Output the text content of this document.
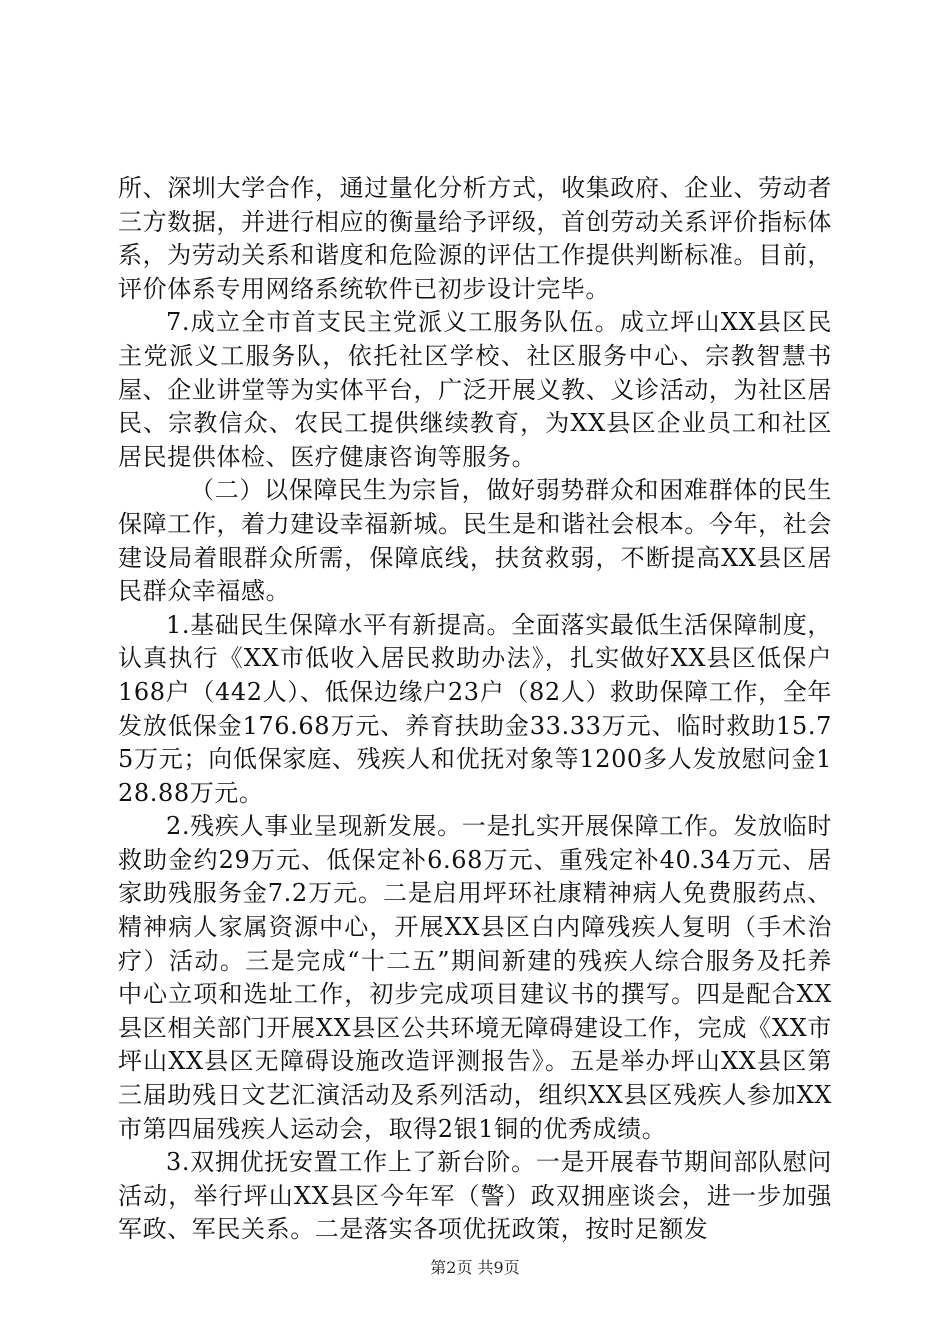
所、深圳大学合作，通过量化分析方式，收集政府、企业、劳动者三方数据，并进行相应的衡量给予评级，首创劳动关系评价指标体系，为劳动关系和谐度和危险源的评估工作提供判断标准。目前，评价体系专用网络系统软件已初步设计完毕。

7.成立全市首支民主党派义工服务队伍。成立坪山XX县区民主党派义工服务队，依托社区学校、社区服务中心、宗教智慧书屋、企业讲堂等为实体平台，广泛开展义教、义诊活动，为社区居民、宗教信众、农民工提供继续教育，为XX县区企业员工和社区居民提供体检、医疗健康咨询等服务。

（二）以保障民生为宗旨，做好弱势群众和困难群体的民生保障工作，着力建设幸福新城。民生是和谐社会根本。今年，社会建设局着眼群众所需，保障底线，扶贫救弱，不断提高XX县区居民群众幸福感。

1.基础民生保障水平有新提高。全面落实最低生活保障制度，认真执行《XX市低收入居民救助办法》，扎实做好XX县区低保户168户（442人）、低保边缘户23户（82人）救助保障工作，全年发放低保金176.68万元、养育扶助金33.33万元、临时救助15.75万元；向低保家庭、残疾人和优抚对象等1200多人发放慰问金128.88万元。

2.残疾人事业呈现新发展。一是扎实开展保障工作。发放临时救助金约29万元、低保定补6.68万元、重残定补40.34万元、居家助残服务金7.2万元。二是启用坪环社康精神病人免费服药点、精神病人家属资源中心，开展XX县区白内障残疾人复明（手术治疗）活动。三是完成“十二五”期间新建的残疾人综合服务及托养中心立项和选址工作，初步完成项目建议书的撰写。四是配合XX县区相关部门开展XX县区公共环境无障碍建设工作，完成《XX市坪山XX县区无障碍设施改造评测报告》。五是举办坪山XX县区第三届助残日文艺汇演活动及系列活动，组织XX县区残疾人参加XX市第四届残疾人运动会，取得2银1铜的优秀成绩。

3.双拥优抚安置工作上了新台阶。一是开展春节期间部队慰问活动，举行坪山XX县区今年军（警）政双拥座谈会，进一步加强军政、军民关系。二是落实各项优抚政策，按时足额发

第2页 共9页
